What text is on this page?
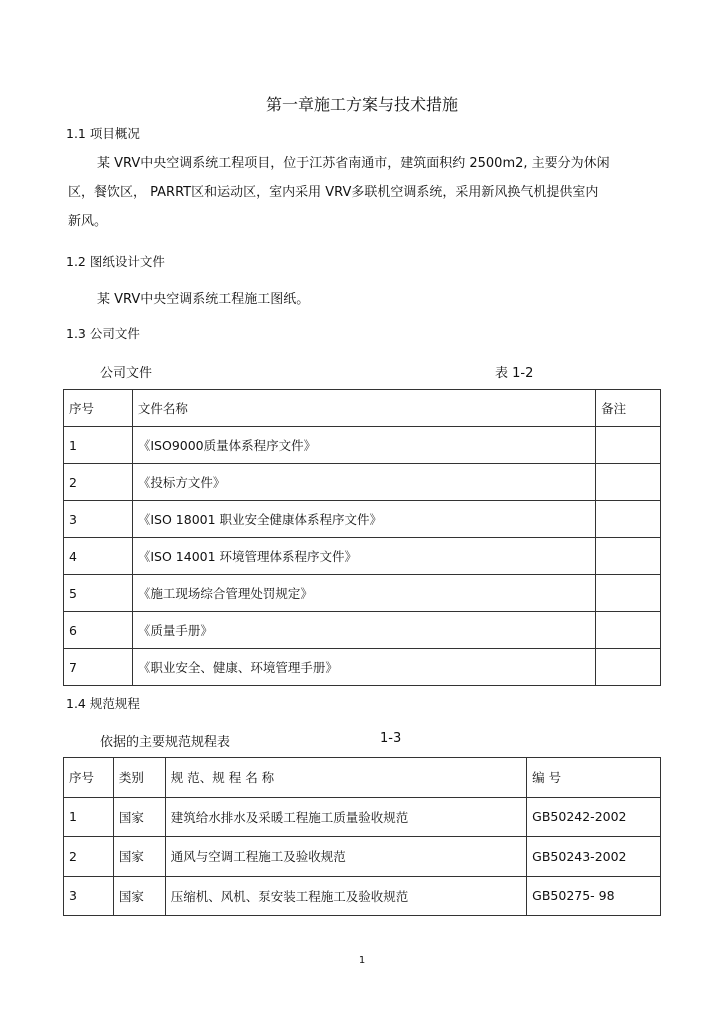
第一章施工方案与技术措施
1.1 项目概况
某 VRV中央空调系统工程项目，位于江苏省南通市，建筑面积约 2500m2, 主要分为休闲
区，餐饮区， PARRT区和运动区，室内采用 VRV多联机空调系统，采用新风换气机提供室内
新风。
1.2 图纸设计文件
某 VRV中央空调系统工程施工图纸。
1.3 公司文件
公司文件	表 1-2
序号	文件名称	备注
1	《ISO9000质量体系程序文件》	
2	《投标方文件》	
3	《ISO 18001 职业安全健康体系程序文件》	
4	《ISO 14001 环境管理体系程序文件》	
5	《施工现场综合管理处罚规定》	
6	《质量手册》	
7	《职业安全、健康、环境管理手册》	
1.4 规范规程
依据的主要规范规程表	1-3
序号	类别	规 范、规 程 名 称	编 号
1	国家	建筑给水排水及采暖工程施工质量验收规范	GB50242-2002
2	国家	通风与空调工程施工及验收规范	GB50243-2002
3	国家	压缩机、风机、泵安装工程施工及验收规范	GB50275- 98
1
